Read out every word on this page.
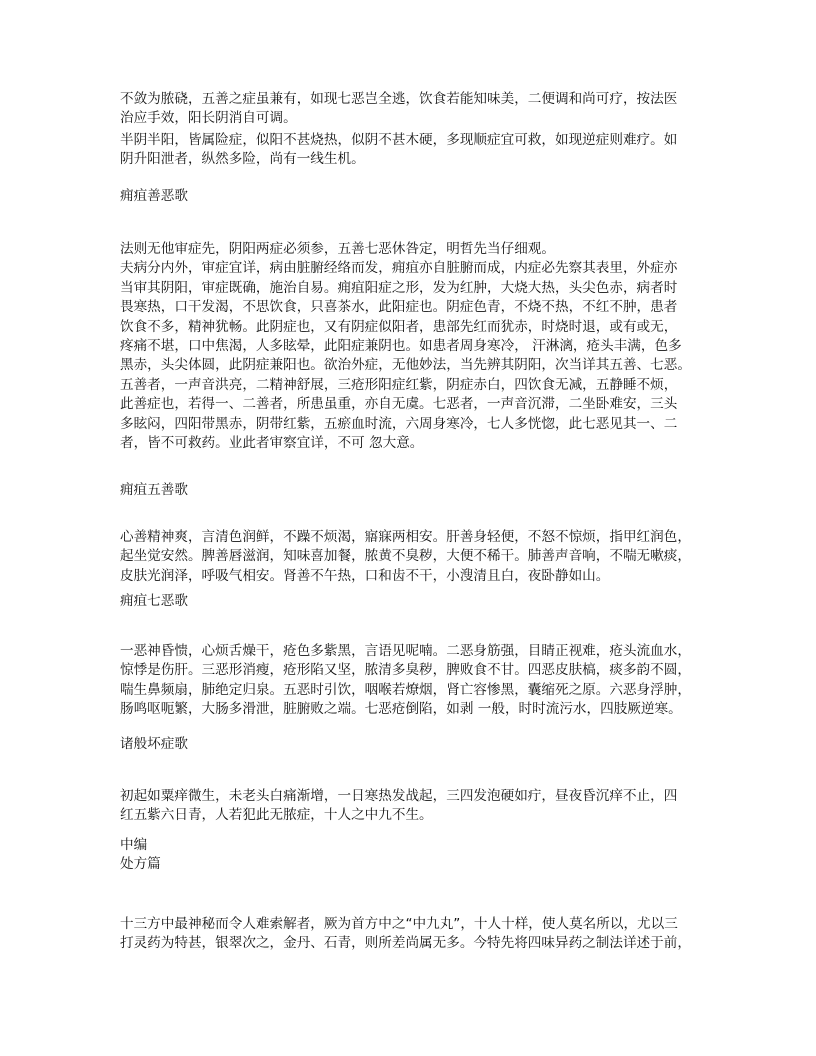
不敛为脓硗，五善之症虽兼有，如现七恶岂全逃，饮食若能知味美，二便调和尚可疗，按法医
治应手效，阳长阴消自可调。
半阴半阳，皆属险症，似阳不甚烧热，似阴不甚木硬，多现顺症宜可救，如现逆症则难疗。如
阴升阳泄者，纵然多险，尚有一线生机。
痈疽善恶歌
法则无他审症先，阴阳两症必须参，五善七恶休咎定，明哲先当仔细观。
夫病分内外，审症宜详，病由脏腑经络而发，痈疽亦自脏腑而成，内症必先察其表里，外症亦
当审其阴阳，审症既确，施治自易。痈疽阳症之形，发为红肿，大烧大热，头尖色赤，病者时
畏寒热，口干发渴，不思饮食，只喜茶水，此阳症也。阴症色青，不烧不热，不红不肿，患者
饮食不多，精神犹畅。此阴症也，又有阴症似阳者，患部先红而犹赤，时烧时退，或有或无，
疼痛不堪，口中焦渴，人多眩晕，此阳症兼阴也。如患者周身寒冷， 汗淋漓，疮头丰满，色多
黑赤，头尖体圆，此阴症兼阳也。欲治外症，无他妙法，当先辨其阴阳，次当详其五善、七恶。
五善者，一声音洪亮，二精神舒展，三疮形阳症红紫，阴症赤白，四饮食无减，五静睡不烦，
此善症也，若得一、二善者，所患虽重，亦自无虞。七恶者，一声音沉滞，二坐卧难安，三头
多眩闷，四阳带黑赤，阴带红紫，五瘀血时流，六周身寒冷，七人多恍惚，此七恶见其一、二
者，皆不可救药。业此者审察宜详，不可 忽大意。
痈疽五善歌
心善精神爽，言清色润鲜，不躁不烦渴，寤寐两相安。肝善身轻便，不怒不惊烦，指甲红润色，
起坐觉安然。脾善唇滋润，知味喜加餐，脓黄不臭秽，大便不稀干。肺善声音响，不喘无嗽痰，
皮肤光润泽，呼吸气相安。肾善不午热，口和齿不干，小溲清且白，夜卧静如山。
痈疽七恶歌
一恶神昏愦，心烦舌燥干，疮色多紫黑，言语见呢喃。二恶身筋强，目睛正视难，疮头流血水，
惊悸是伤肝。三恶形消瘦，疮形陷又坚，脓清多臭秽，脾败食不甘。四恶皮肤槁，痰多韵不圆，
喘生鼻频扇，肺绝定归泉。五恶时引饮，咽喉若燎烟，肾亡容惨黑，囊缩死之原。六恶身浮肿，
肠鸣呕呃繁，大肠多滑泄，脏腑败之端。七恶疮倒陷，如剥 一般，时时流污水，四肢厥逆寒。
诸般坏症歌
初起如粟痒微生，未老头白痛渐增，一日寒热发战起，三四发泡硬如疔，昼夜昏沉痒不止，四
红五紫六日青，人若犯此无脓症，十人之中九不生。
中编
处方篇
十三方中最神秘而令人难索解者，厥为首方中之“中九丸”，十人十样，使人莫名所以，尤以三
打灵药为特甚，银翠次之，金丹、石青，则所差尚属无多。今特先将四味异药之制法详述于前，
